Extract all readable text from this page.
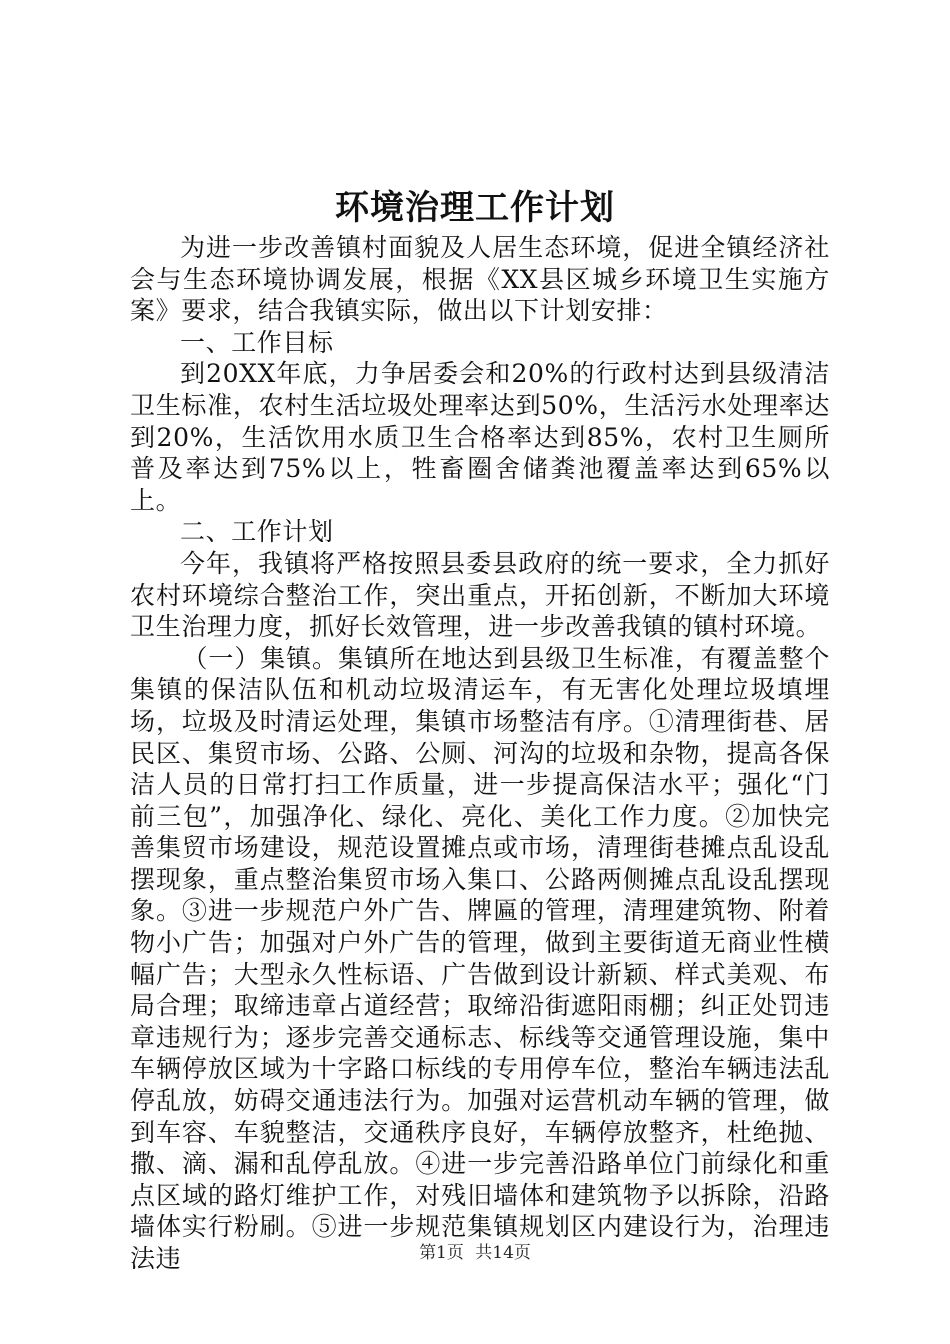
环境治理工作计划

为进一步改善镇村面貌及人居生态环境，促进全镇经济社会与生态环境协调发展，根据《XX县区城乡环境卫生实施方案》要求，结合我镇实际，做出以下计划安排：

一、工作目标

到20XX年底，力争居委会和20%的行政村达到县级清洁卫生标准，农村生活垃圾处理率达到50%，生活污水处理率达到20%，生活饮用水质卫生合格率达到85%，农村卫生厕所普及率达到75%以上，牲畜圈舍储粪池覆盖率达到65%以上。

二、工作计划

今年，我镇将严格按照县委县政府的统一要求，全力抓好农村环境综合整治工作，突出重点，开拓创新，不断加大环境卫生治理力度，抓好长效管理，进一步改善我镇的镇村环境。

（一）集镇。集镇所在地达到县级卫生标准，有覆盖整个集镇的保洁队伍和机动垃圾清运车，有无害化处理垃圾填埋场，垃圾及时清运处理，集镇市场整洁有序。①清理街巷、居民区、集贸市场、公路、公厕、河沟的垃圾和杂物，提高各保洁人员的日常打扫工作质量，进一步提高保洁水平；强化“门前三包”，加强净化、绿化、亮化、美化工作力度。②加快完善集贸市场建设，规范设置摊点或市场，清理街巷摊点乱设乱摆现象，重点整治集贸市场入集口、公路两侧摊点乱设乱摆现象。③进一步规范户外广告、牌匾的管理，清理建筑物、附着物小广告；加强对户外广告的管理，做到主要街道无商业性横幅广告；大型永久性标语、广告做到设计新颖、样式美观、布局合理；取缔违章占道经营；取缔沿街遮阳雨棚；纠正处罚违章违规行为；逐步完善交通标志、标线等交通管理设施，集中车辆停放区域为十字路口标线的专用停车位，整治车辆违法乱停乱放，妨碍交通违法行为。加强对运营机动车辆的管理，做到车容、车貌整洁，交通秩序良好，车辆停放整齐，杜绝抛、撒、滴、漏和乱停乱放。④进一步完善沿路单位门前绿化和重点区域的路灯维护工作，对残旧墙体和建筑物予以拆除，沿路墙体实行粉刷。⑤进一步规范集镇规划区内建设行为，治理违法违	第1页 共14页
